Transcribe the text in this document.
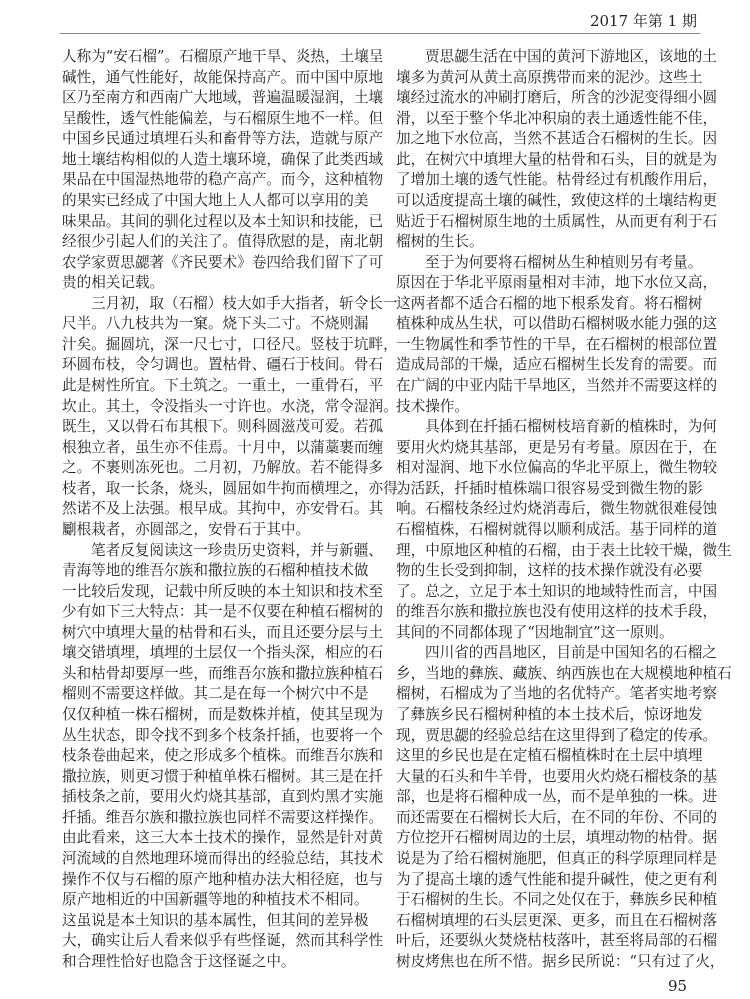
2017 年第 1 期
人称为“安石榴”。石榴原产地干旱、炎热，土壤呈
碱性，通气性能好，故能保持高产。而中国中原地
区乃至南方和西南广大地域，普遍温暖湿润，土壤
呈酸性，透气性能偏差，与石榴原生地不一样。但
中国乡民通过填埋石头和畜骨等方法，造就与原产
地土壤结构相似的人造土壤环境，确保了此类西域
果品在中国湿热地带的稳产高产。而今，这种植物
的果实已经成了中国大地上人人都可以享用的美
味果品。其间的驯化过程以及本土知识和技能，已
经很少引起人们的关注了。值得欣慰的是，南北朝
农学家贾思勰著《齐民要术》卷四给我们留下了可
贵的相关记载。
三月初，取（石榴）枝大如手大指者，斩令长一
尺半。八九枝共为一窠。烧下头二寸。不烧则漏
汁矣。掘圆坑，深一尺七寸，口径尺。竖枝于坑畔，
环圆布枝，令匀调也。置枯骨、礓石于枝间。骨石
此是树性所宜。下土筑之。一重土，一重骨石，平
坎止。其土，令没指头一寸许也。水浇，常令湿润。
既生，又以骨石布其根下。则科圆滋茂可爱。若孤
根独立者，虽生亦不佳焉。十月中，以蒲藁裹而缠
之。不裹则冻死也。二月初，乃解放。若不能得多
枝者，取一长条，烧头，圆屈如牛拘而横埋之，亦得。
然诺不及上法强。根早成。其拘中，亦安骨石。其
劚根栽者，亦圆部之，安骨石于其中。
笔者反复阅读这一珍贵历史资料，并与新疆、
青海等地的维吾尔族和撒拉族的石榴种植技术做
一比较后发现，记载中所反映的本土知识和技术至
少有如下三大特点：其一是不仅要在种植石榴树的
树穴中填埋大量的枯骨和石头，而且还要分层与土
壤交错填埋，填埋的土层仅一个指头深，相应的石
头和枯骨却要厚一些，而维吾尔族和撒拉族种植石
榴则不需要这样做。其二是在每一个树穴中不是
仅仅种植一株石榴树，而是数株并植，使其呈现为
丛生状态，即令找不到多个枝条扦插，也要将一个
枝条卷曲起来，使之形成多个植株。而维吾尔族和
撒拉族，则更习惯于种植单株石榴树。其三是在扦
插枝条之前，要用火灼烧其基部，直到灼黑才实施
扦插。维吾尔族和撒拉族也同样不需要这样操作。
由此看来，这三大本土技术的操作，显然是针对黄
河流域的自然地理环境而得出的经验总结，其技术
操作不仅与石榴的原产地种植办法大相径庭，也与
原产地相近的中国新疆等地的种植技术不相同。
这虽说是本土知识的基本属性，但其间的差异极
大，确实让后人看来似乎有些怪诞，然而其科学性
和合理性恰好也隐含于这怪诞之中。
贾思勰生活在中国的黄河下游地区，该地的土
壤多为黄河从黄土高原携带而来的泥沙。这些土
壤经过流水的冲刷打磨后，所含的沙泥变得细小圆
滑，以至于整个华北冲积扇的表土通透性能不佳，
加之地下水位高，当然不甚适合石榴树的生长。因
此，在树穴中填埋大量的枯骨和石头，目的就是为
了增加土壤的透气性能。枯骨经过有机酸作用后，
可以适度提高土壤的碱性，致使这样的土壤结构更
贴近于石榴树原生地的土质属性，从而更有利于石
榴树的生长。
至于为何要将石榴树丛生种植则另有考量。
原因在于华北平原雨量相对丰沛，地下水位又高，
这两者都不适合石榴的地下根系发育。将石榴树
植株种成丛生状，可以借助石榴树吸水能力强的这
一生物属性和季节性的干旱，在石榴树的根部位置
造成局部的干燥，适应石榴树生长发育的需要。而
在广阔的中亚内陆干旱地区，当然并不需要这样的
技术操作。
具体到在扦插石榴树枝培育新的植株时，为何
要用火灼烧其基部，更是另有考量。原因在于，在
相对湿润、地下水位偏高的华北平原上，微生物较
为活跃，扦插时植株端口很容易受到微生物的影
响。石榴枝条经过灼烧消毒后，微生物就很难侵蚀
石榴植株，石榴树就得以顺利成活。基于同样的道
理，中原地区种植的石榴，由于表土比较干燥，微生
物的生长受到抑制，这样的技术操作就没有必要
了。总之，立足于本土知识的地域特性而言，中国
的维吾尔族和撒拉族也没有使用这样的技术手段，
其间的不同都体现了“因地制宜”这一原则。
四川省的西昌地区，目前是中国知名的石榴之
乡，当地的彝族、藏族、纳西族也在大规模地种植石
榴树，石榴成为了当地的名优特产。笔者实地考察
了彝族乡民石榴树种植的本土技术后，惊讶地发
现，贾思勰的经验总结在这里得到了稳定的传承。
这里的乡民也是在定植石榴植株时在土层中填埋
大量的石头和牛羊骨，也要用火灼烧石榴枝条的基
部，也是将石榴种成一丛，而不是单独的一株。进
而还需要在石榴树长大后，在不同的年份、不同的
方位挖开石榴树周边的土层，填埋动物的枯骨。据
说是为了给石榴树施肥，但真正的科学原理同样是
为了提高土壤的透气性能和提升碱性，使之更有利
于石榴树的生长。不同之处仅在于，彝族乡民种植
石榴树填埋的石头层更深、更多，而且在石榴树落
叶后，还要纵火焚烧枯枝落叶，甚至将局部的石榴
树皮烤焦也在所不惜。据乡民所说：“只有过了火，
95
